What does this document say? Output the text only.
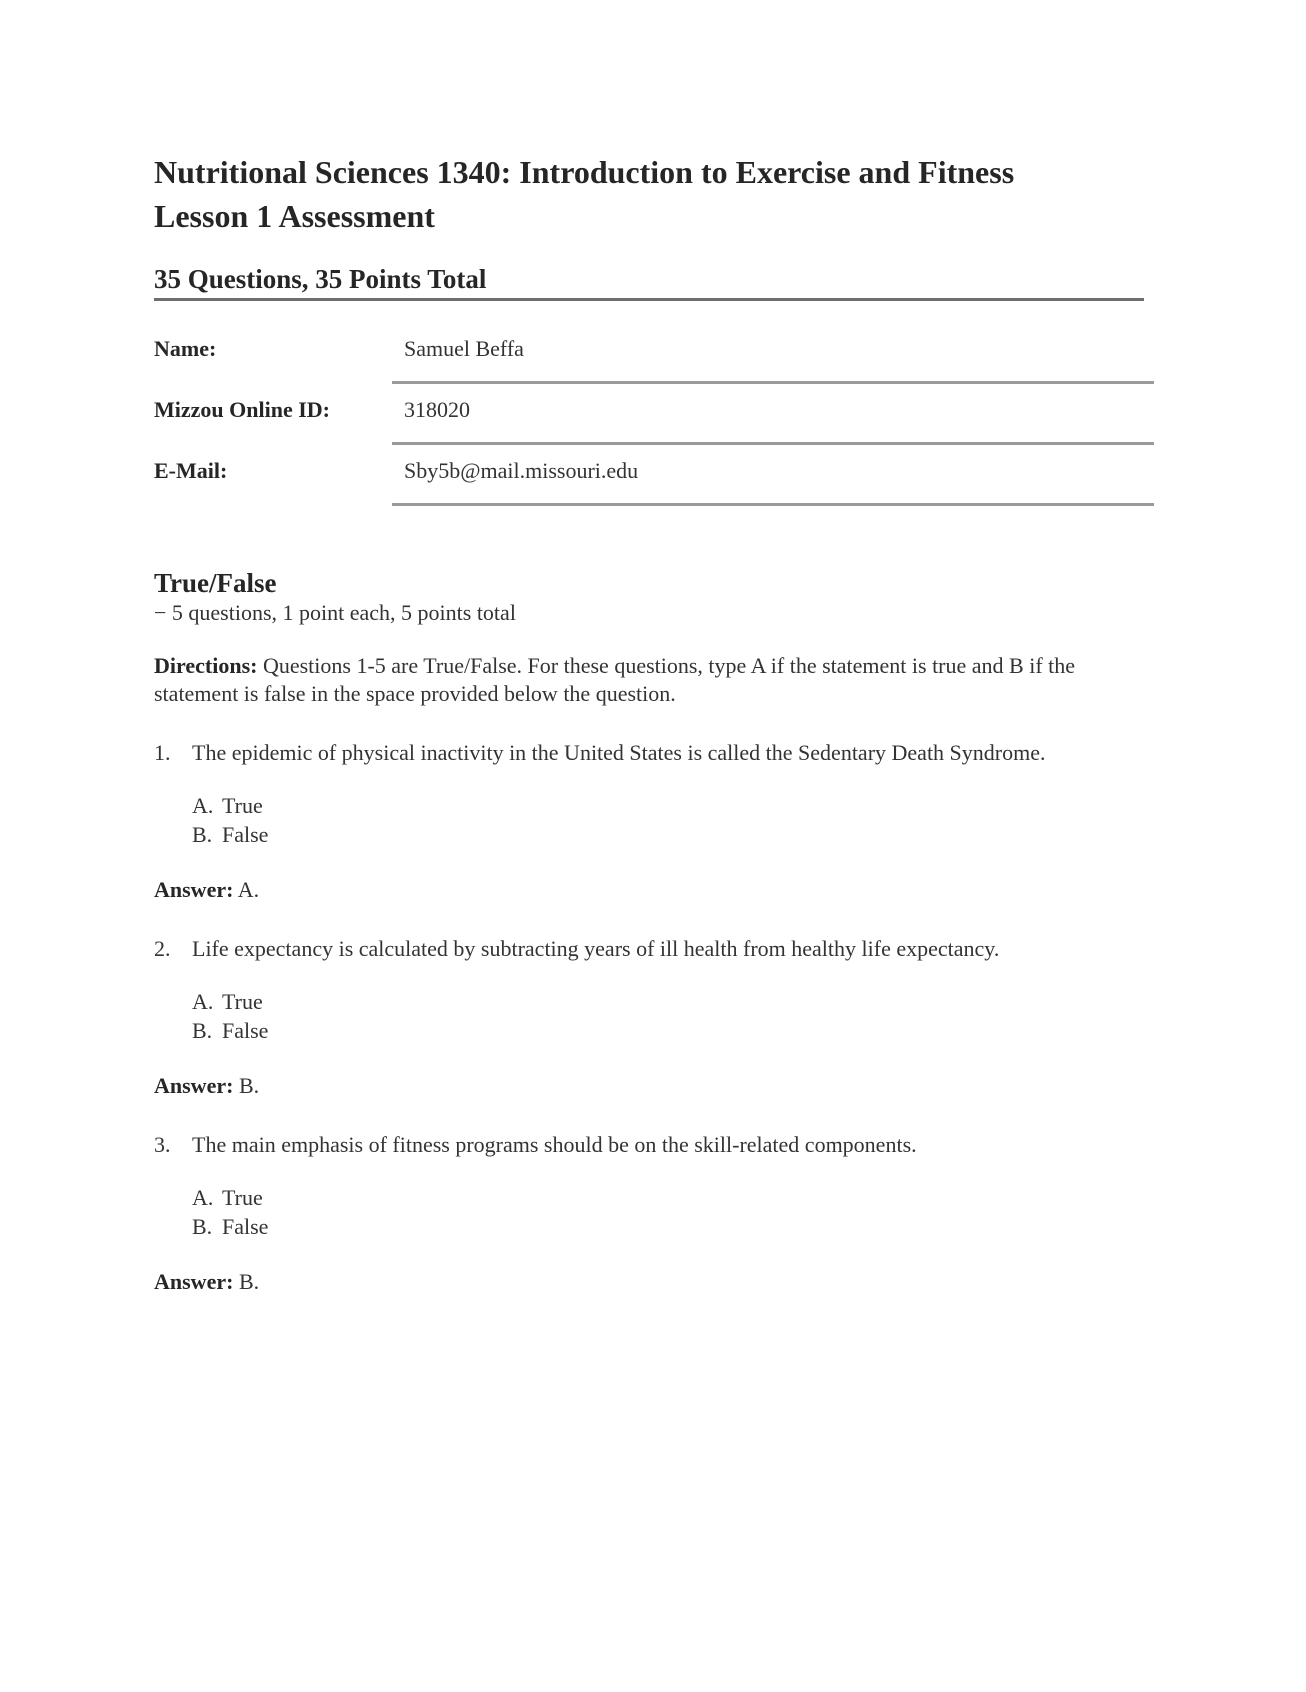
Nutritional Sciences 1340: Introduction to Exercise and Fitness
Lesson 1 Assessment
35 Questions, 35 Points Total
Name:	Samuel Beffa
Mizzou Online ID:	318020
E-Mail:	Sby5b@mail.missouri.edu
True/False

− 5 questions, 1 point each, 5 points total

Directions: Questions 1-5 are True/False. For these questions, type A if the statement is true and B if the statement is false in the space provided below the question.

1. The epidemic of physical inactivity in the United States is called the Sedentary Death Syndrome.
A. True
B. False
Answer: A.
2. Life expectancy is calculated by subtracting years of ill health from healthy life expectancy.
A. True
B. False
Answer: B.
3. The main emphasis of fitness programs should be on the skill-related components.
A. True
B. False
Answer: B.
